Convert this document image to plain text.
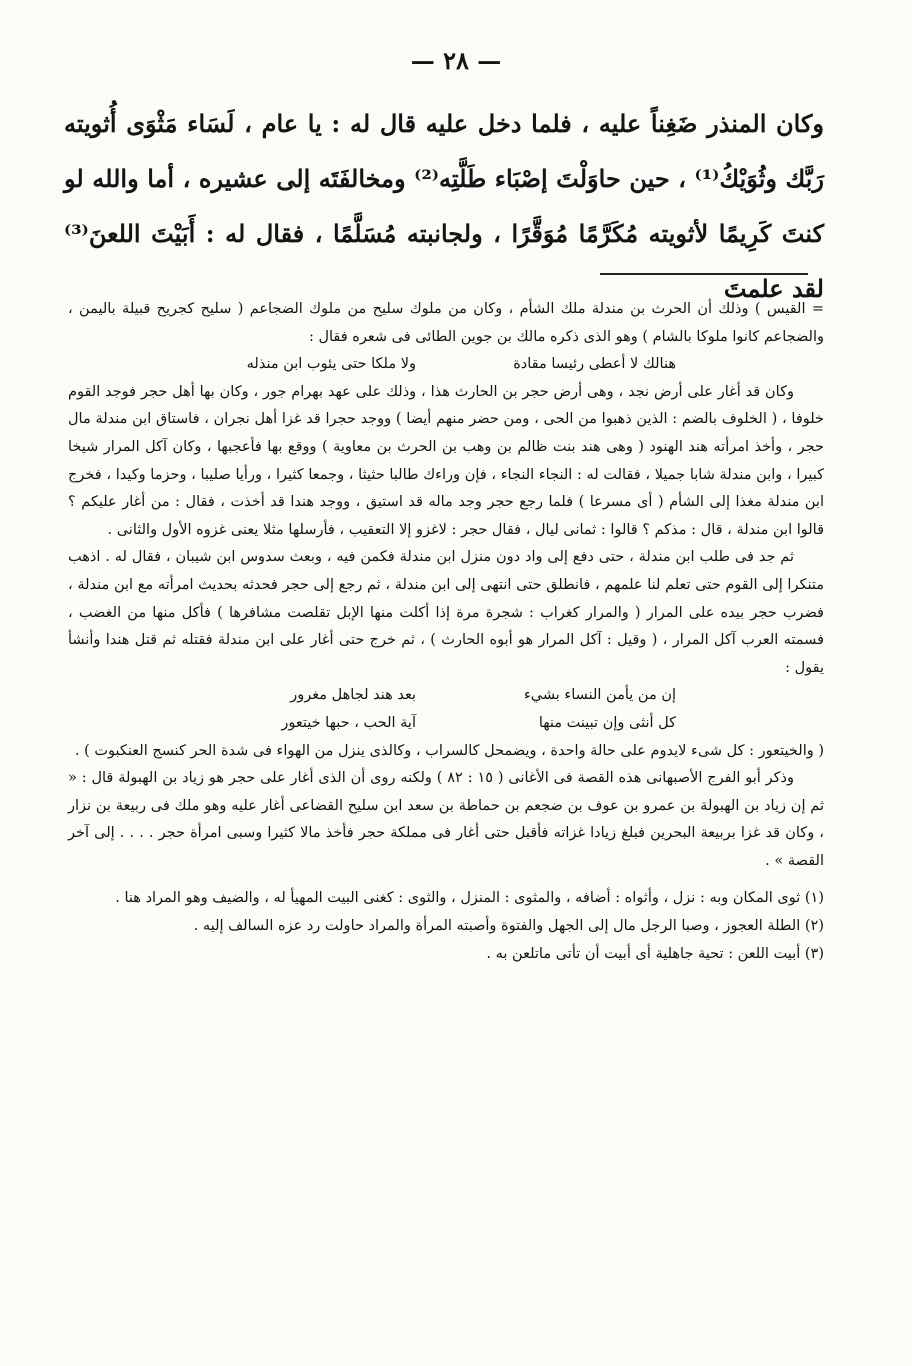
— ٢٨ —

وكان المنذر ضَغِناً عليه ، فلما دخل عليه قال له : يا عام ، لَسَاء مَثْوَى أُثويته رَبَّك وثُوَيْكُ⁽¹⁾ ، حين حاوَلْتَ إصْبَاء طَلَّتِه⁽²⁾ ومخالفَتَه إلى عشيره ، أما والله لو كنتَ كَرِيمًا لأثويته مُكَرَّمًا مُوَقَّرًا ، ولجانبته مُسَلَّمًا ، فقال له : أَبَيْتَ اللعنَ⁽³⁾ لقد علمتَ

= القيس ) وذلك أن الحرث بن مندلة ملك الشأم ، وكان من ملوك سليح من ملوك الضجاعم ( سليح كجريح قبيلة باليمن ، والضجاعم كانوا ملوكا بالشام ) وهو الذى ذكره مالك بن جوين الطائى فى شعره فقال :

هنالك لا أعطى رئيسا مقادة
ولا ملكا حتى يئوب ابن منذله

وكان قد أغار على أرض نجد ، وهى أرض حجر بن الحارث هذا ، وذلك على عهد بهرام جور ، وكان بها أهل حجر فوجد القوم خلوفا ، ( الخلوف بالضم : الذين ذهبوا من الحى ، ومن حضر منهم أيضا ) ووجد حجرا قد غزا أهل نجران ، فاستاق ابن مندلة مال حجر ، وأخذ امرأته هند الهنود ( وهى هند بنت ظالم بن وهب بن الحرث بن معاوية ) ووقع بها فأعجبها ، وكان آكل المرار شيخا كبيرا ، وابن مندلة شابا جميلا ، فقالت له : النجاء النجاء ، فإن وراءك طالبا حثيثا ، وجمعا كثيرا ، ورأيا صليبا ، وحزما وكيدا ، فخرج ابن مندلة مغذا إلى الشأم ( أى مسرعا ) فلما رجع حجر وجد ماله قد استيق ، ووجد هندا قد أخذت ، فقال : من أغار عليكم ؟ قالوا ابن مندلة ، قال : مذكم ؟ قالوا : ثمانى ليال ، فقال حجر : لاغزو إلا التعقيب ، فأرسلها مثلا يعنى غزوه الأول والثانى .

ثم جد فى طلب ابن مندلة ، حتى دفع إلى واد دون منزل ابن مندلة فكمن فيه ، وبعث سدوس ابن شيبان ، فقال له . اذهب متنكرا إلى القوم حتى تعلم لنا علمهم ، فانطلق حتى انتهى إلى ابن مندلة ، ثم رجع إلى حجر فحدثه بحديث امرأته مع ابن مندلة ، فضرب حجر بيده على المرار ( والمرار كغراب : شجرة مرة إذا أكلت منها الإبل تقلصت مشافرها ) فأكل منها من الغضب ، فسمته العرب آكل المرار ، ( وقيل : آكل المرار هو أبوه الحارث ) ، ثم خرج حتى أغار على ابن مندلة فقتله ثم قتل هندا وأنشأ يقول :

إن من يأمن النساء بشيء
بعد هند لجاهل مغرور
كل أنثى وإن تبينت منها
آية الحب ، حبها خيتعور

( والخيتعور : كل شىء لايدوم على حالة واحدة ، ويضمحل كالسراب ، وكالذى ينزل من الهواء فى شدة الحر كنسج العنكبوت ) .

وذكر أبو الفرج الأصبهانى هذه القصة فى الأغانى ( ١٥ : ٨٢ ) ولكنه روى أن الذى أغار على حجر هو زياد بن الهبولة قال : « ثم إن زياد بن الهبولة بن عمرو بن عوف بن ضجعم بن حماطة بن سعد ابن سليح القضاعى أغار عليه وهو ملك فى ربيعة بن نزار ، وكان قد غزا بربيعة البحرين فبلغ زيادا غزاته فأقبل حتى أغار فى مملكة حجر فأخذ مالا كثيرا وسبى امرأة حجر . . . . إلى آخر القصة » .

(١) ثوى المكان وبه : نزل ، وأثواه : أضافه ، والمثوى : المنزل ، والثوى : كغنى البيت المهيأ له ، والضيف وهو المراد هنا .

(٢) الطلة العجوز ، وصبا الرجل مال إلى الجهل والفتوة وأصبته المرأة والمراد حاولت رد عزه السالف إليه .

(٣) أبيت اللعن : تحية جاهلية أى أبيت أن تأتى ماتلعن به .
